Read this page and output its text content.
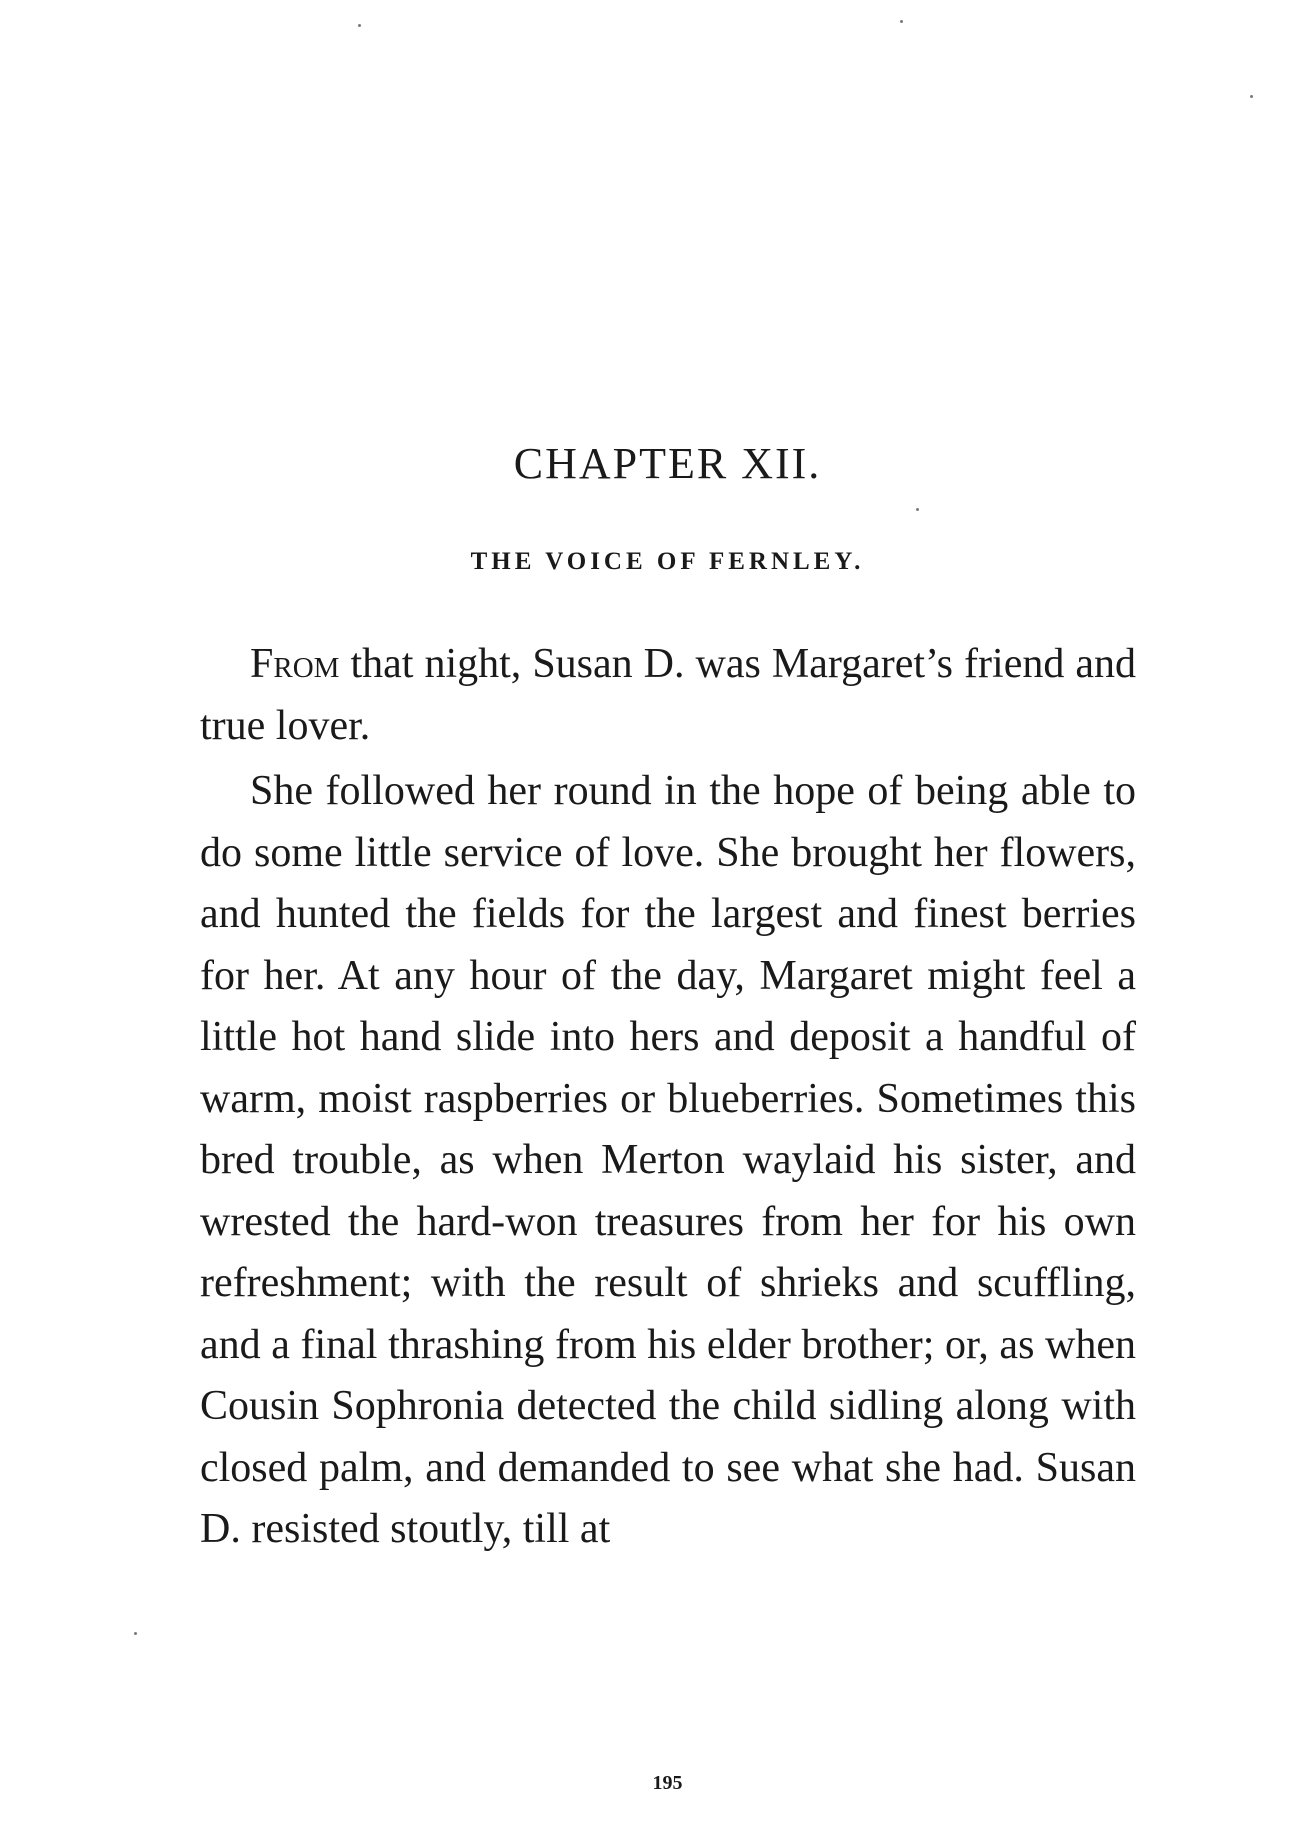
CHAPTER XII.
THE VOICE OF FERNLEY.

From that night, Susan D. was Margaret’s friend and true lover.

She followed her round in the hope of being able to do some little service of love. She brought her flowers, and hunted the fields for the largest and finest berries for her. At any hour of the day, Margaret might feel a little hot hand slide into hers and deposit a handful of warm, moist raspberries or blueberries. Sometimes this bred trouble, as when Merton waylaid his sister, and wrested the hard-won treasures from her for his own refreshment; with the result of shrieks and scuffling, and a final thrashing from his elder brother; or, as when Cousin Sophronia detected the child sidling along with closed palm, and demanded to see what she had. Susan D. resisted stoutly, till at

195
